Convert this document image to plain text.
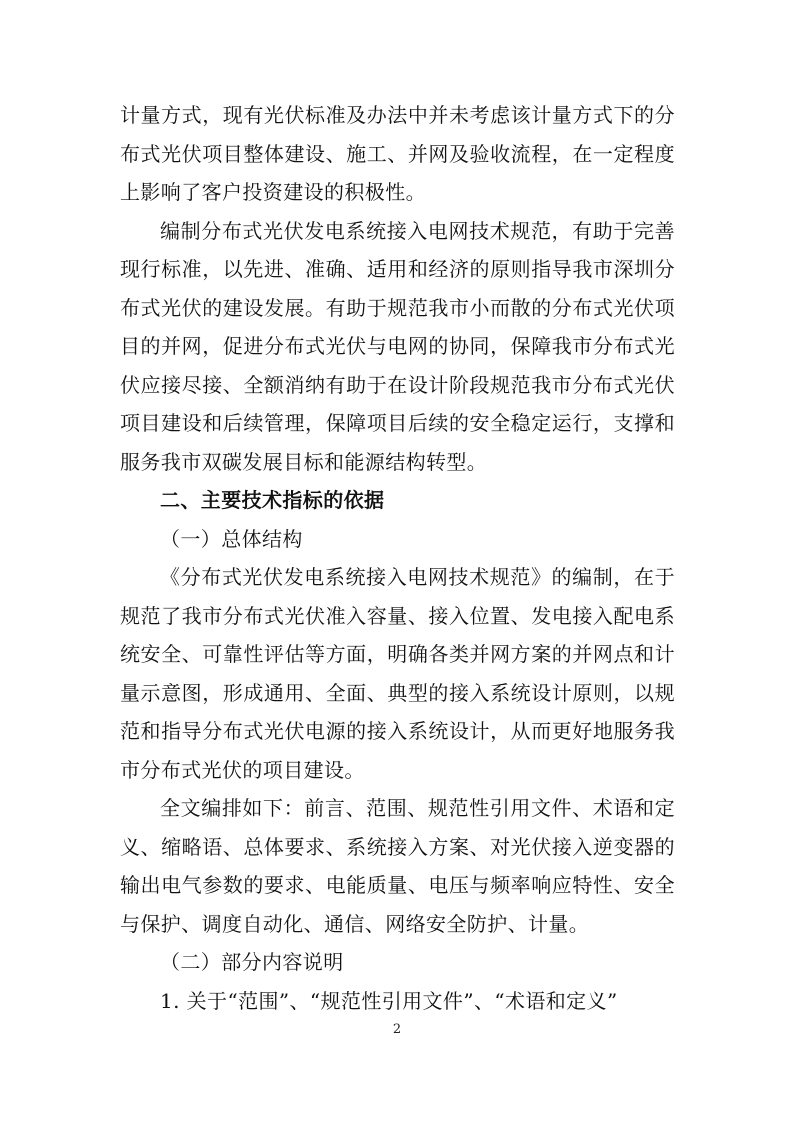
计量方式，现有光伏标准及办法中并未考虑该计量方式下的分布式光伏项目整体建设、施工、并网及验收流程，在一定程度上影响了客户投资建设的积极性。

编制分布式光伏发电系统接入电网技术规范，有助于完善现行标准，以先进、准确、适用和经济的原则指导我市深圳分布式光伏的建设发展。有助于规范我市小而散的分布式光伏项目的并网，促进分布式光伏与电网的协同，保障我市分布式光伏应接尽接、全额消纳有助于在设计阶段规范我市分布式光伏项目建设和后续管理，保障项目后续的安全稳定运行，支撑和服务我市双碳发展目标和能源结构转型。

二、主要技术指标的依据

（一）总体结构

《分布式光伏发电系统接入电网技术规范》的编制，在于规范了我市分布式光伏准入容量、接入位置、发电接入配电系统安全、可靠性评估等方面，明确各类并网方案的并网点和计量示意图，形成通用、全面、典型的接入系统设计原则，以规范和指导分布式光伏电源的接入系统设计，从而更好地服务我市分布式光伏的项目建设。

全文编排如下：前言、范围、规范性引用文件、术语和定义、缩略语、总体要求、系统接入方案、对光伏接入逆变器的输出电气参数的要求、电能质量、电压与频率响应特性、安全与保护、调度自动化、通信、网络安全防护、计量。

（二）部分内容说明

1. 关于“范围”、“规范性引用文件”、“术语和定义”

2
